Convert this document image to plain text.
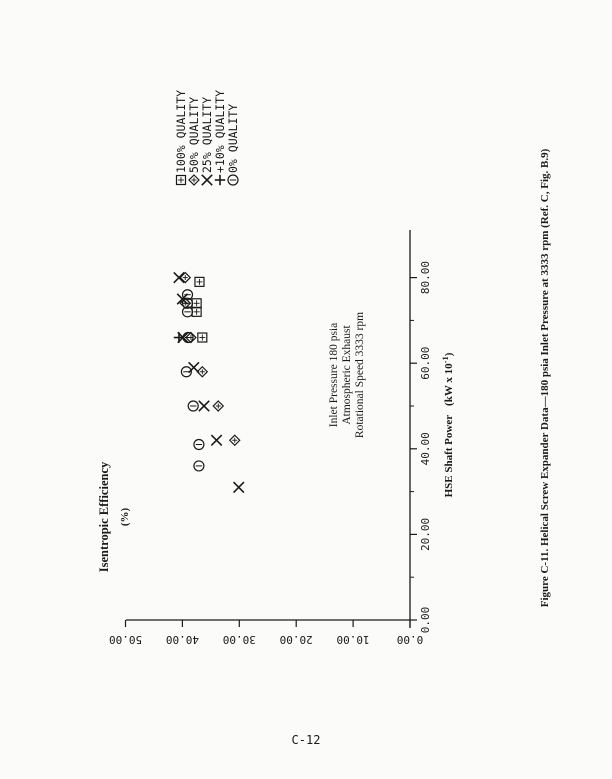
0.00
10.00
20.00
30.00
40.00
50.00
0.00
20.00
40.00
60.00
80.00
Isentropic Efficiency (%)
HSE Shaft Power(kW x $10^{-1}$)
Inlet Pressure 180 psia Atmospheric Exhaust Rotational Speed 3333 rpm
100% QUALITY 50% QUALITY 25% QUALITY +10% QUALITY 0% QUALITY
Figure C-11. Helical Screw Expander Data—180 psia Inlet Pressure at 3333 rpm (Ref. C, Fig. B.9)
C-12
